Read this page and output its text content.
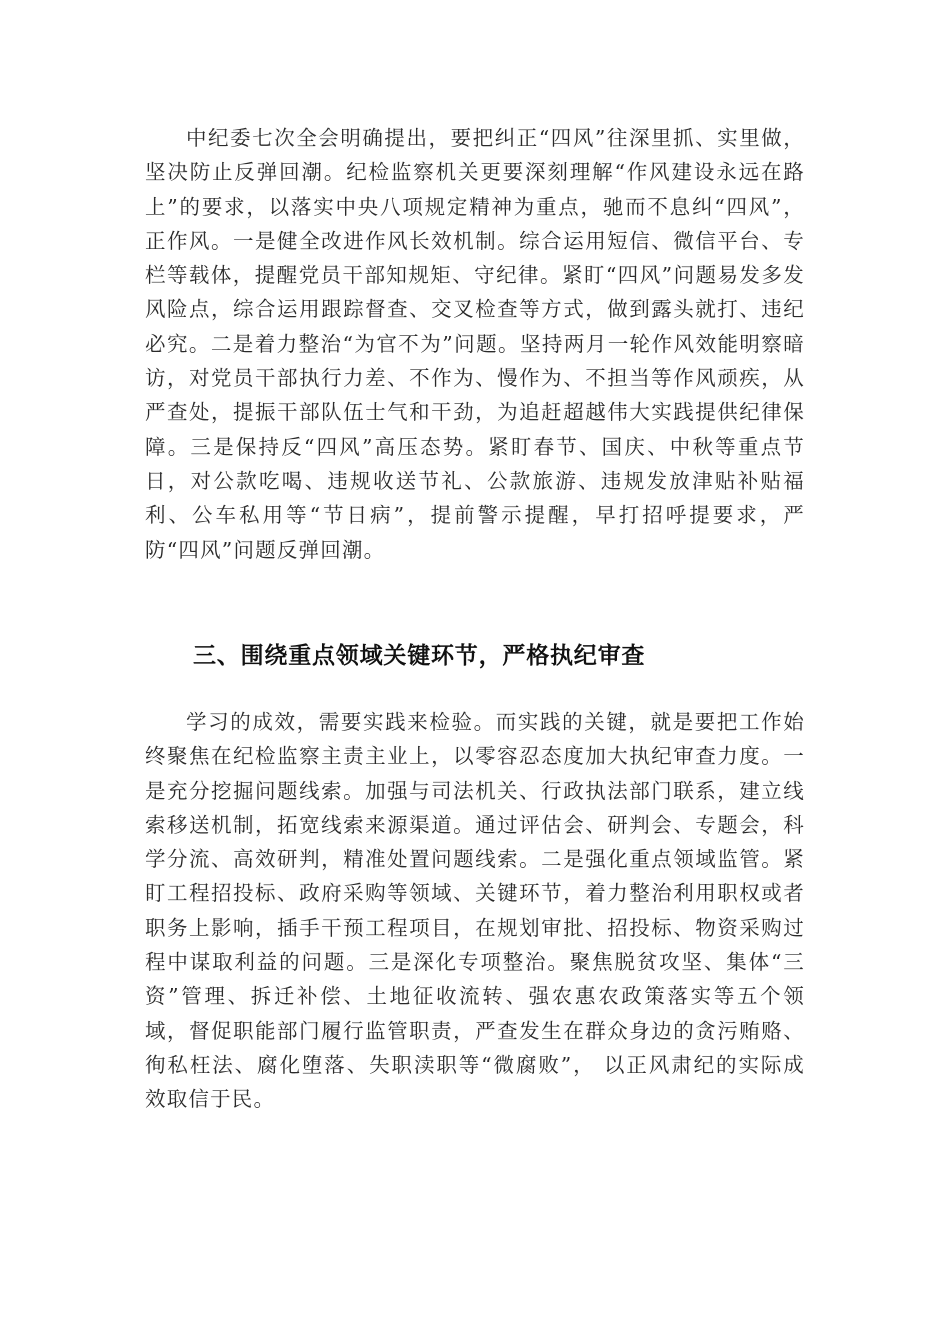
中纪委七次全会明确提出，要把纠正“四风”往深里抓、实里做，坚决防止反弹回潮。纪检监察机关更要深刻理解“作风建设永远在路上”的要求，以落实中央八项规定精神为重点，驰而不息纠“四风”，正作风。一是健全改进作风长效机制。综合运用短信、微信平台、专栏等载体，提醒党员干部知规矩、守纪律。紧盯“四风”问题易发多发风险点，综合运用跟踪督查、交叉检查等方式，做到露头就打、违纪必究。二是着力整治“为官不为”问题。坚持两月一轮作风效能明察暗访，对党员干部执行力差、不作为、慢作为、不担当等作风顽疾，从严查处，提振干部队伍士气和干劲，为追赶超越伟大实践提供纪律保障。三是保持反“四风”高压态势。紧盯春节、国庆、中秋等重点节日，对公款吃喝、违规收送节礼、公款旅游、违规发放津贴补贴福利、公车私用等“节日病”，提前警示提醒，早打招呼提要求，严防“四风”问题反弹回潮。

三、围绕重点领域关键环节，严格执纪审查

学习的成效，需要实践来检验。而实践的关键，就是要把工作始终聚焦在纪检监察主责主业上，以零容忍态度加大执纪审查力度。一是充分挖掘问题线索。加强与司法机关、行政执法部门联系，建立线索移送机制，拓宽线索来源渠道。通过评估会、研判会、专题会，科学分流、高效研判，精准处置问题线索。二是强化重点领域监管。紧盯工程招投标、政府采购等领域、关键环节，着力整治利用职权或者职务上影响，插手干预工程项目，在规划审批、招投标、物资采购过程中谋取利益的问题。三是深化专项整治。聚焦脱贫攻坚、集体“三资”管理、拆迁补偿、土地征收流转、强农惠农政策落实等五个领域，督促职能部门履行监管职责，严查发生在群众身边的贪污贿赂、徇私枉法、腐化堕落、失职渎职等“微腐败”， 以正风肃纪的实际成效取信于民。
